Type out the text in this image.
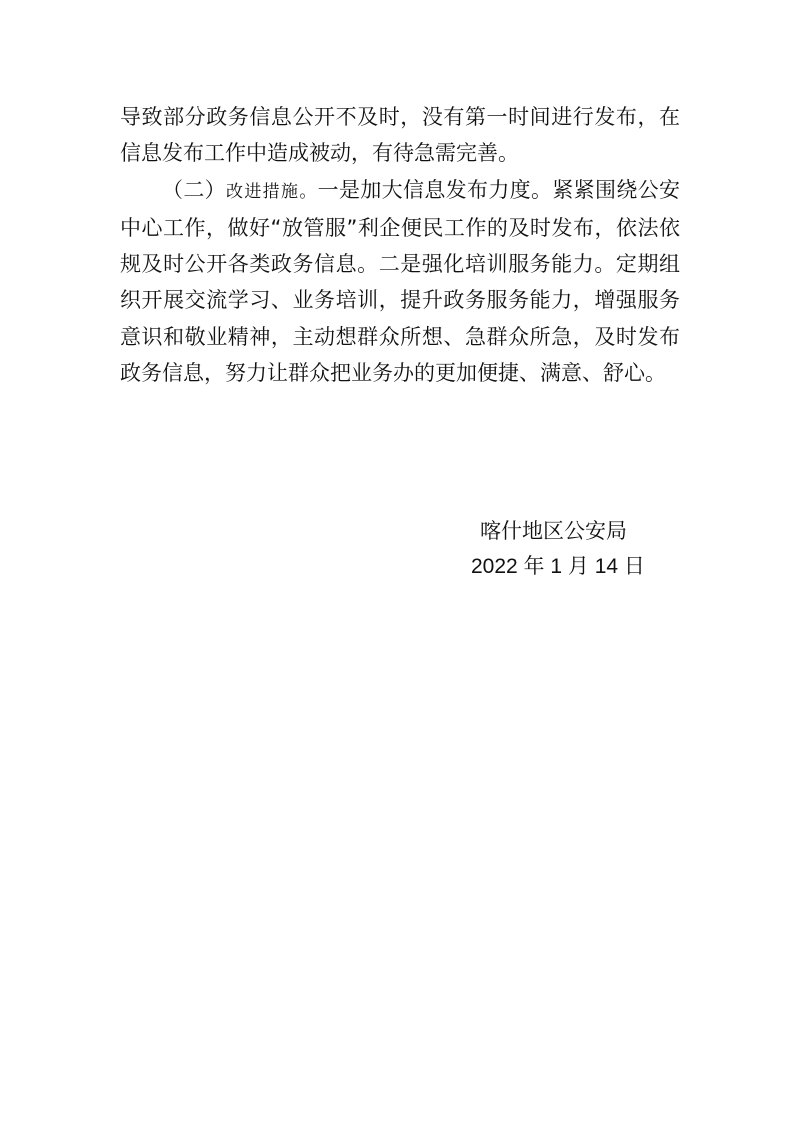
导致部分政务信息公开不及时，没有第一时间进行发布，在信息发布工作中造成被动，有待急需完善。

（二）改进措施。一是加大信息发布力度。紧紧围绕公安中心工作，做好“放管服”利企便民工作的及时发布，依法依规及时公开各类政务信息。二是强化培训服务能力。定期组织开展交流学习、业务培训，提升政务服务能力，增强服务意识和敬业精神，主动想群众所想、急群众所急，及时发布政务信息，努力让群众把业务办的更加便捷、满意、舒心。

喀什地区公安局
2022 年 1 月 14 日
